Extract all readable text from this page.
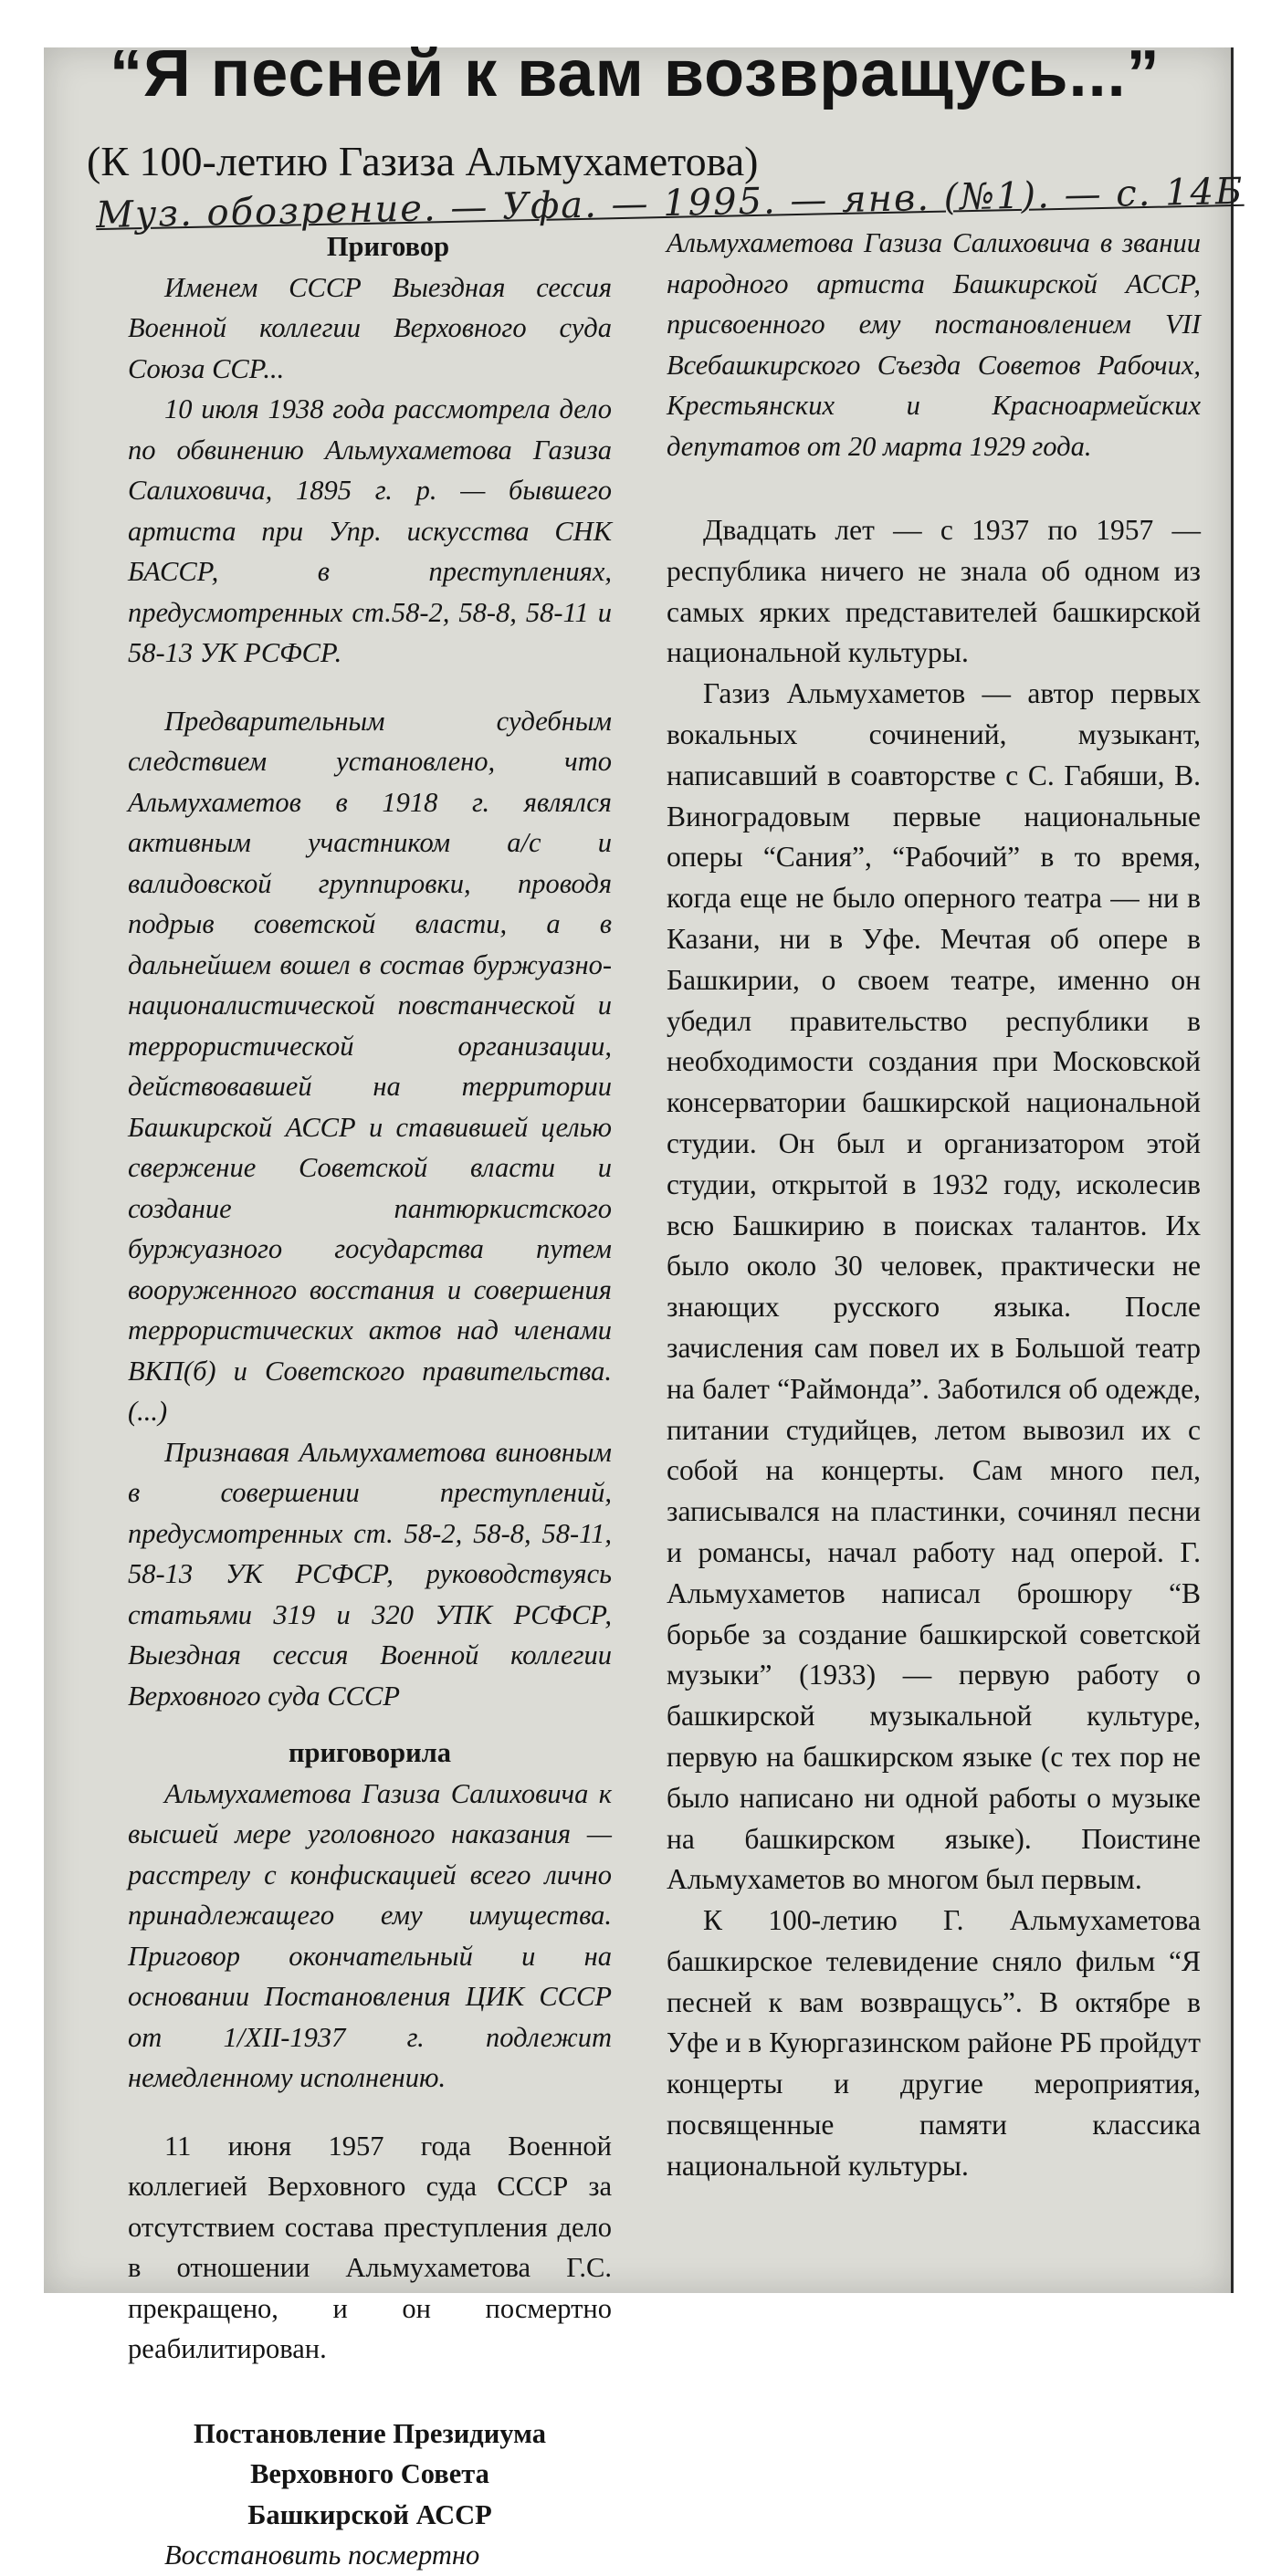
“Я песней к вам возвращусь...”
(К 100-летию Газиза Альмухаметова)
Муз. обозрение. — Уфа. — 1995. — янв. (№1). — с. 14Б

Приговор

Именем СССР Выездная сессия Военной коллегии Верховного суда Союза ССР...

10 июля 1938 года рассмотрела дело по обвинению Альмухаметова Газиза Салиховича, 1895 г. р. — бывшего артиста при Упр. искусства СНК БАССР, в преступлениях, предусмотренных ст.58-2, 58-8, 58-11 и 58-13 УК РСФСР.

Предварительным судебным следствием установлено, что Альмухаметов в 1918 г. являлся активным участником а/с и валидовской группировки, проводя подрыв советской власти, а в дальнейшем вошел в состав буржуазно-националистической повстанческой и террористической организации, действовавшей на территории Башкирской АССР и ставившей целью свержение Советской власти и создание пантюркистского буржуазного государства путем вооруженного восстания и совершения террористических актов над членами ВКП(б) и Советского правительства. (...)

Признавая Альмухаметова виновным в совершении преступлений, предусмотренных ст. 58-2, 58-8, 58-11, 58-13 УК РСФСР, руководствуясь статьями 319 и 320 УПК РСФСР, Выездная сессия Военной коллегии Верховного суда СССР

приговорила

Альмухаметова Газиза Салиховича к высшей мере уголовного наказания — расстрелу с конфискацией всего лично принадлежащего ему имущества. Приговор окончательный и на основании Постановления ЦИК СССР от 1/XII-1937 г. подлежит немедленному исполнению.

11 июня 1957 года Военной коллегией Верховного суда СССР за отсутствием состава преступления дело в отношении Альмухаметова Г.С. прекращено, и он посмертно реабилитирован.

Постановление Президиума

Верховного Совета

Башкирской АССР

Восстановить посмертно

Альмухаметова Газиза Салиховича в звании народного артиста Башкирской АССР, присвоенного ему постановлением VII Всебашкирского Съезда Советов Рабочих, Крестьянских и Красноармейских депутатов от 20 марта 1929 года.

Двадцать лет — с 1937 по 1957 — республика ничего не знала об одном из самых ярких представителей башкирской национальной культуры.

Газиз Альмухаметов — автор первых вокальных сочинений, музыкант, написавший в соавторстве с С. Габяши, В. Виноградовым первые национальные оперы “Сания”, “Рабочий” в то время, когда еще не было оперного театра — ни в Казани, ни в Уфе. Мечтая об опере в Башкирии, о своем театре, именно он убедил правительство республики в необходимости создания при Московской консерватории башкирской национальной студии. Он был и организатором этой студии, открытой в 1932 году, исколесив всю Башкирию в поисках талантов. Их было около 30 человек, практически не знающих русского языка. После зачисления сам повел их в Большой театр на балет “Раймонда”. Заботился об одежде, питании студийцев, летом вывозил их с собой на концерты. Сам много пел, записывался на пластинки, сочинял песни и романсы, начал работу над оперой. Г. Альмухаметов написал брошюру “В борьбе за создание башкирской советской музыки” (1933) — первую работу о башкирской музыкальной культуре, первую на башкирском языке (с тех пор не было написано ни одной работы о музыке на башкирском языке). Поистине Альмухаметов во многом был первым.

К 100-летию Г. Альмухаметова башкирское телевидение сняло фильм “Я песней к вам возвращусь”. В октябре в Уфе и в Куюргазинском районе РБ пройдут концерты и другие мероприятия, посвященные памяти классика национальной культуры.
